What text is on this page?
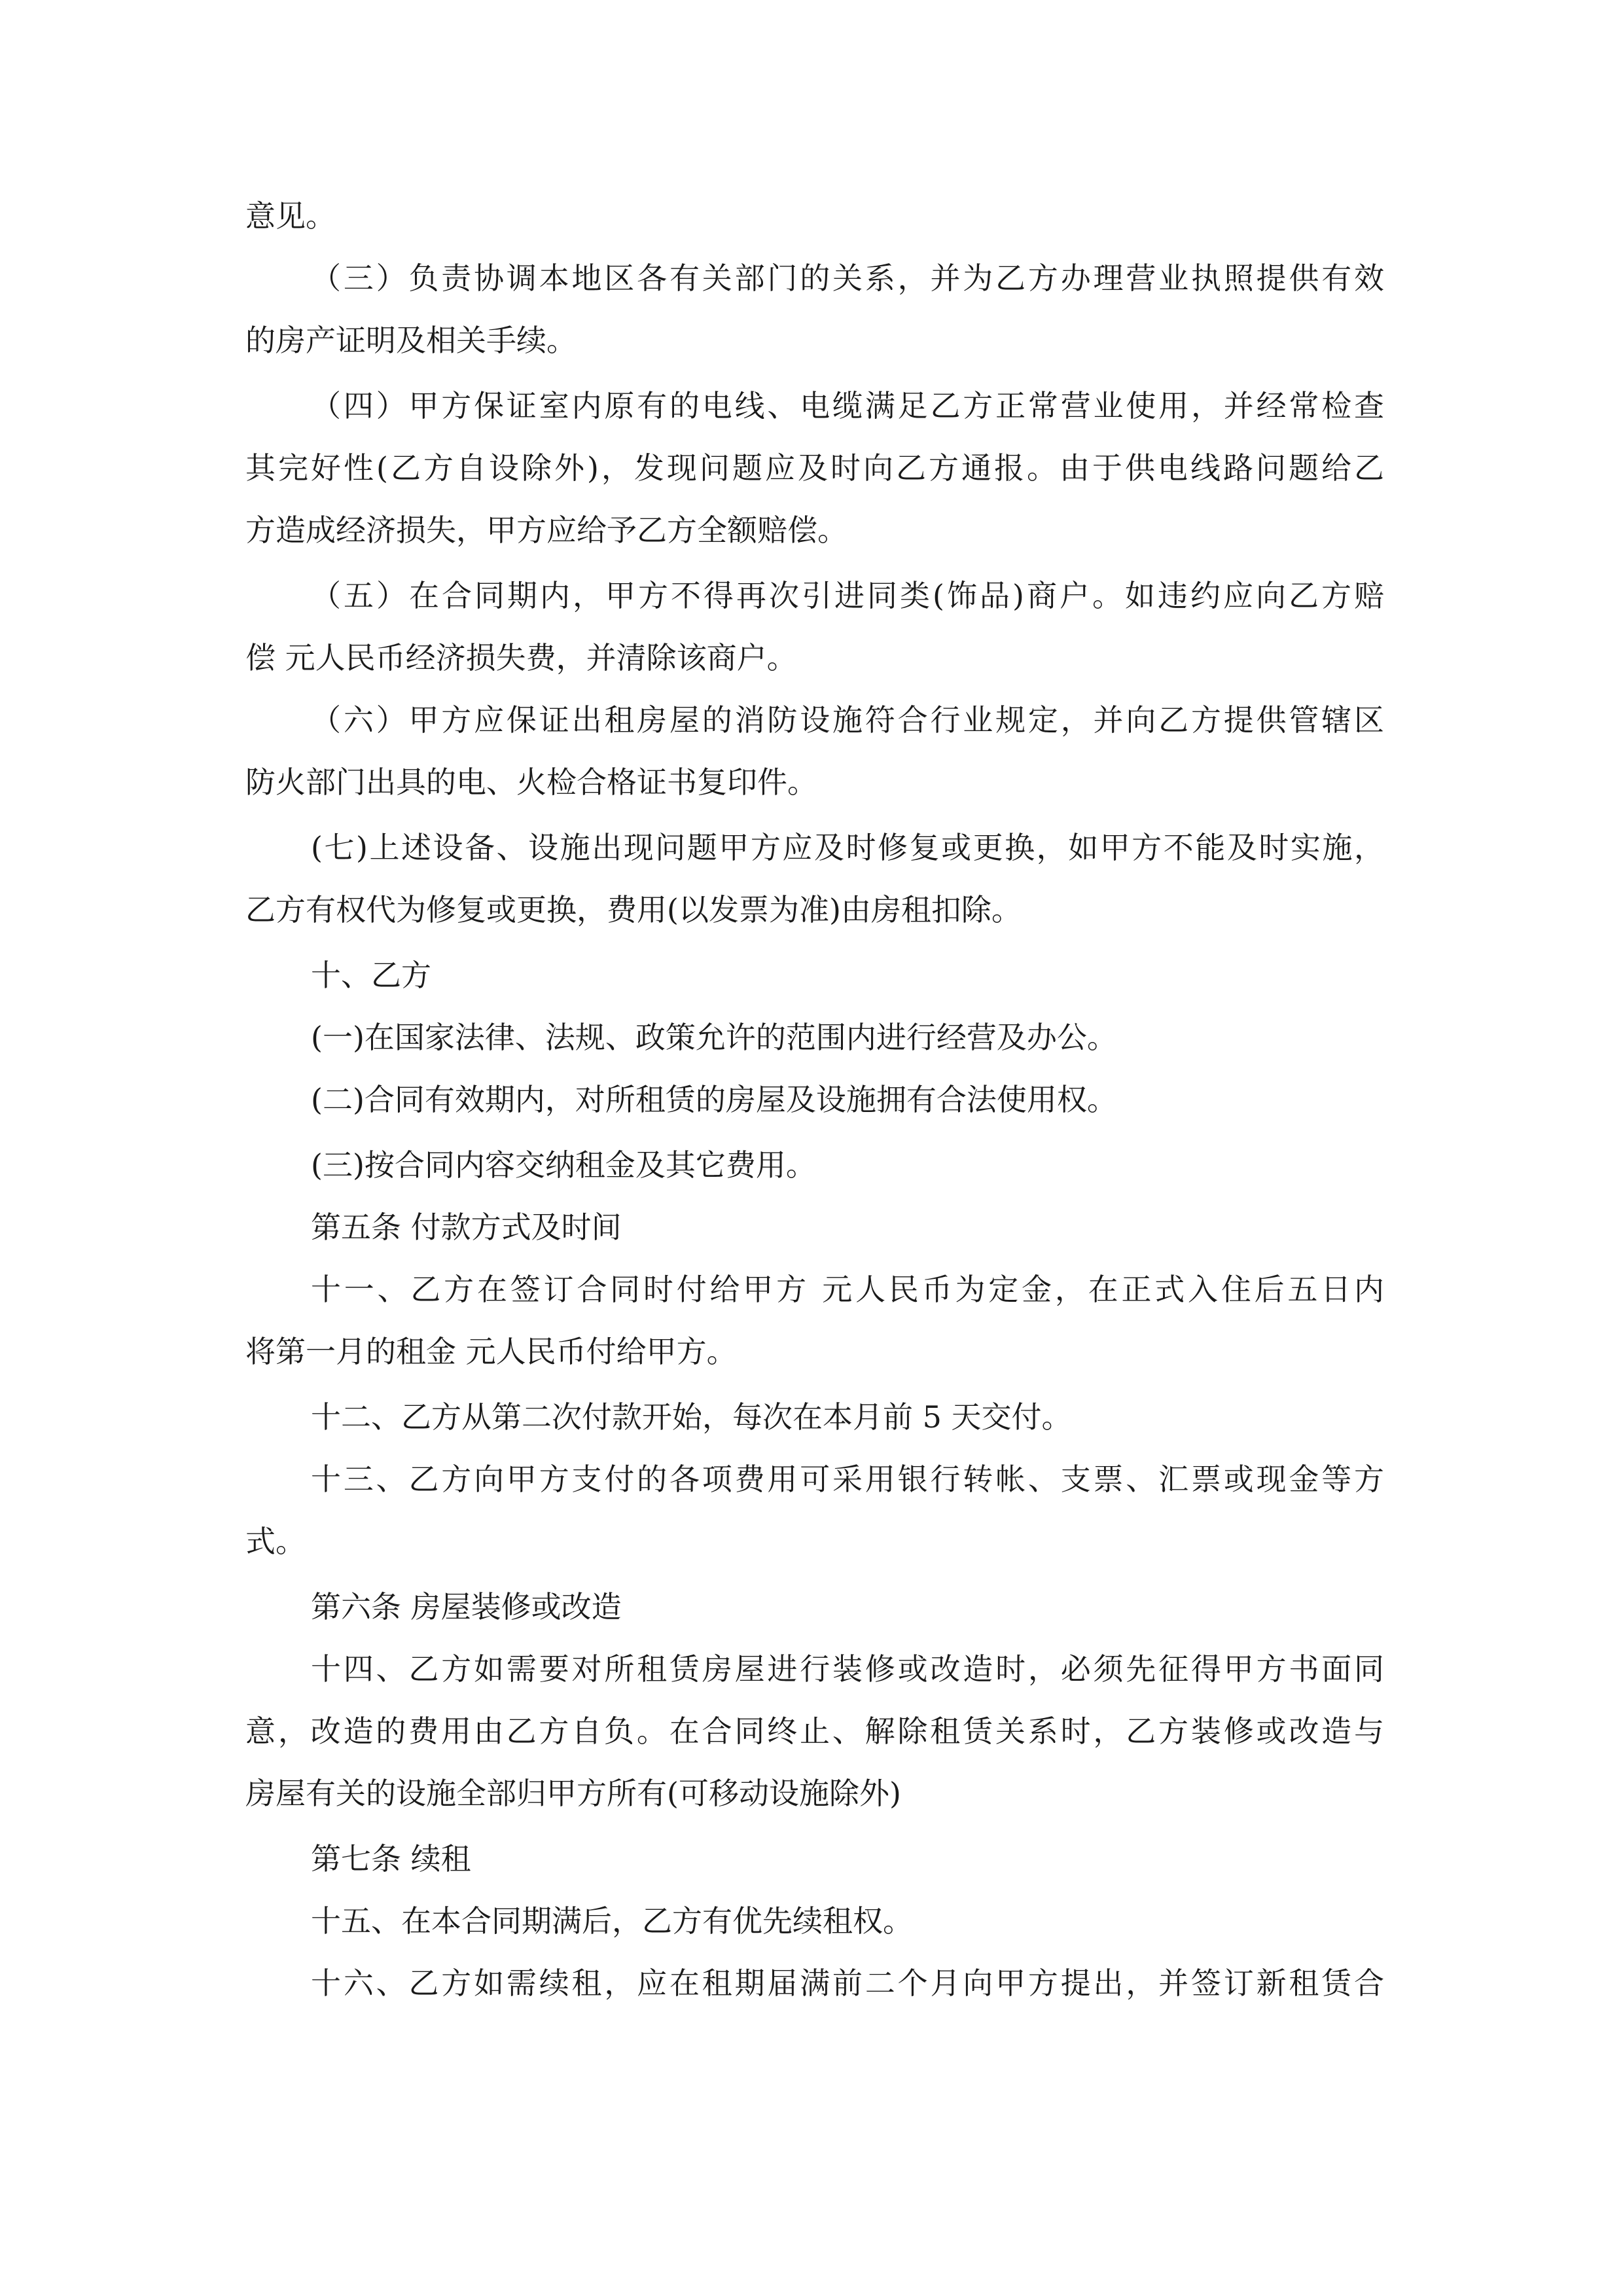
意见。
（三）负责协调本地区各有关部门的关系，并为乙方办理营业执照提供有效
的房产证明及相关手续。
（四）甲方保证室内原有的电线、电缆满足乙方正常营业使用，并经常检查
其完好性(乙方自设除外)，发现问题应及时向乙方通报。由于供电线路问题给乙
方造成经济损失，甲方应给予乙方全额赔偿。
（五）在合同期内，甲方不得再次引进同类(饰品)商户。如违约应向乙方赔
偿 元人民币经济损失费，并清除该商户。
（六）甲方应保证出租房屋的消防设施符合行业规定，并向乙方提供管辖区
防火部门出具的电、火检合格证书复印件。
(七)上述设备、设施出现问题甲方应及时修复或更换，如甲方不能及时实施，
乙方有权代为修复或更换，费用(以发票为准)由房租扣除。
十、乙方
(一)在国家法律、法规、政策允许的范围内进行经营及办公。
(二)合同有效期内，对所租赁的房屋及设施拥有合法使用权。
(三)按合同内容交纳租金及其它费用。
第五条 付款方式及时间
十一、乙方在签订合同时付给甲方 元人民币为定金，在正式入住后五日内
将第一月的租金 元人民币付给甲方。
十二、乙方从第二次付款开始，每次在本月前 5 天交付。
十三、乙方向甲方支付的各项费用可采用银行转帐、支票、汇票或现金等方
式。
第六条 房屋装修或改造
十四、乙方如需要对所租赁房屋进行装修或改造时，必须先征得甲方书面同
意，改造的费用由乙方自负。在合同终止、解除租赁关系时，乙方装修或改造与
房屋有关的设施全部归甲方所有(可移动设施除外)
第七条 续租
十五、在本合同期满后，乙方有优先续租权。
十六、乙方如需续租，应在租期届满前二个月向甲方提出，并签订新租赁合
